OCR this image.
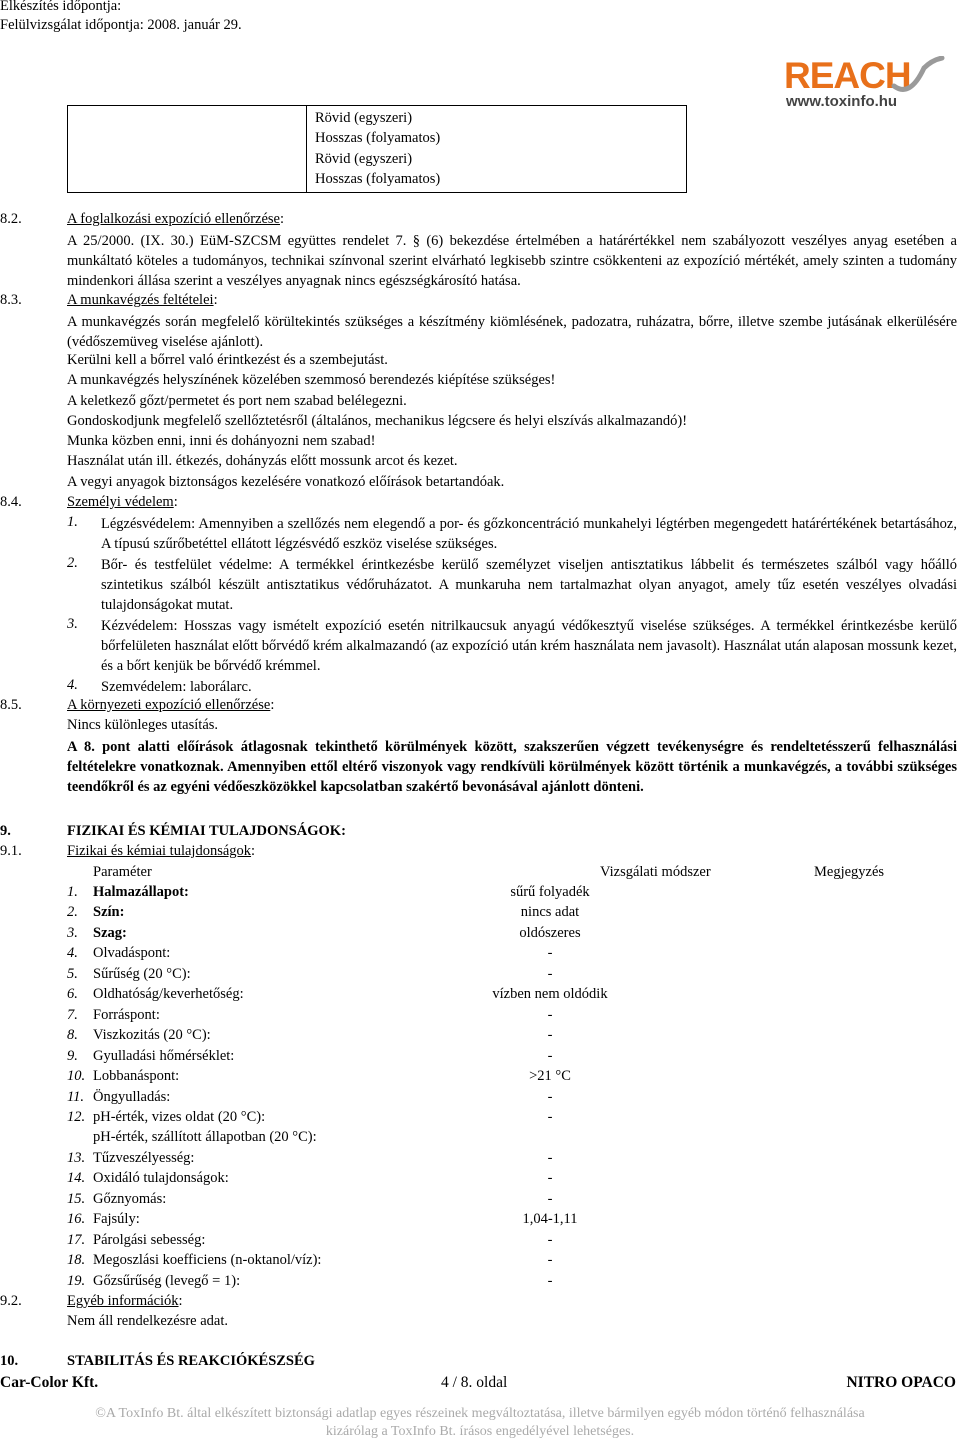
Elkészítés időpontja:
Felülvizsgálat időpontja: 2008. január 29.
REACH
www.toxinfo.hu
Rövid (egyszeri)
Hosszas (folyamatos)
Rövid (egyszeri)
Hosszas (folyamatos)
8.2.	A foglalkozási expozíció ellenőrzése:
A 25/2000. (IX. 30.) EüM-SZCSM együttes rendelet 7. § (6) bekezdése értelmében a határértékkel nem szabályozott veszélyes anyag esetében a munkáltató köteles a tudományos, technikai színvonal szerint elvárható legkisebb szintre csökkenteni az expozíció mértékét, amely szinten a tudomány mindenkori állása szerint a veszélyes anyagnak nincs egészségkárosító hatása.
8.3.	A munkavégzés feltételei:
A munkavégzés során megfelelő körültekintés szükséges a készítmény kiömlésének, padozatra, ruházatra, bőrre, illetve szembe jutásának elkerülésére (védőszemüveg viselése ajánlott).
Kerülni kell a bőrrel való érintkezést és a szembejutást.
A munkavégzés helyszínének közelében szemmosó berendezés kiépítése szükséges!
A keletkező gőzt/permetet és port nem szabad belélegezni.
Gondoskodjunk megfelelő szellőztetésről (általános, mechanikus légcsere és helyi elszívás alkalmazandó)!
Munka közben enni, inni és dohányozni nem szabad!
Használat után ill. étkezés, dohányzás előtt mossunk arcot és kezet.
A vegyi anyagok biztonságos kezelésére vonatkozó előírások betartandóak.
8.4.	Személyi védelem:
1. Légzésvédelem: Amennyiben a szellőzés nem elegendő a por- és gőzkoncentráció munkahelyi légtérben megengedett határértékének betartásához, A típusú szűrőbetéttel ellátott légzésvédő eszköz viselése szükséges.
2. Bőr- és testfelület védelme: A termékkel érintkezésbe kerülő személyzet viseljen antisztatikus lábbelit és természetes szálból vagy hőálló szintetikus szálból készült antisztatikus védőruházatot. A munkaruha nem tartalmazhat olyan anyagot, amely tűz esetén veszélyes olvadási tulajdonságokat mutat.
3. Kézvédelem: Hosszas vagy ismételt expozíció esetén nitrilkaucsuk anyagú védőkesztyű viselése szükséges. A termékkel érintkezésbe kerülő bőrfelületen használat előtt bőrvédő krém alkalmazandó (az expozíció után krém használata nem javasolt). Használat után alaposan mossunk kezet, és a bőrt kenjük be bőrvédő krémmel.
4. Szemvédelem: laborálarc.
8.5.	A környezeti expozíció ellenőrzése:
Nincs különleges utasítás.
A 8. pont alatti előírások átlagosnak tekinthető körülmények között, szakszerűen végzett tevékenységre és rendeltetésszerű felhasználási feltételekre vonatkoznak. Amennyiben ettől eltérő viszonyok vagy rendkívüli körülmények között történik a munkavégzés, a további szükséges teendőkről és az egyéni védőeszközökkel kapcsolatban szakértő bevonásával ajánlott dönteni.
9.	FIZIKAI ÉS KÉMIAI TULAJDONSÁGOK:
9.1.	Fizikai és kémiai tulajdonságok:
Paraméter	Vizsgálati módszer	Megjegyzés
1. Halmazállapot:	sűrű folyadék
2. Szín:	nincs adat
3. Szag:	oldószeres
4. Olvadáspont:	-
5. Sűrűség (20 °C):	-
6. Oldhatóság/keverhetőség:	vízben nem oldódik
7. Forráspont:	-
8. Viszkozitás (20 °C):	-
9. Gyulladási hőmérséklet:	-
10. Lobbanáspont:	>21 °C
11. Öngyulladás:	-
12. pH-érték, vizes oldat (20 °C):	-
pH-érték, szállított állapotban (20 °C):
13. Tűzveszélyesség:	-
14. Oxidáló tulajdonságok:	-
15. Gőznyomás:	-
16. Fajsúly:	1,04-1,11
17. Párolgási sebesség:	-
18. Megoszlási koefficiens (n-oktanol/víz):	-
19. Gőzsűrűség (levegő = 1):	-
9.2.	Egyéb információk:
Nem áll rendelkezésre adat.
10.	STABILITÁS ÉS REAKCIÓKÉSZSÉG
Car-Color Kft.	4 / 8. oldal	NITRO OPACO
©A ToxInfo Bt. által elkészített biztonsági adatlap egyes részeinek megváltoztatása, illetve bármilyen egyéb módon történő felhasználása
kizárólag a ToxInfo Bt. írásos engedélyével lehetséges.
